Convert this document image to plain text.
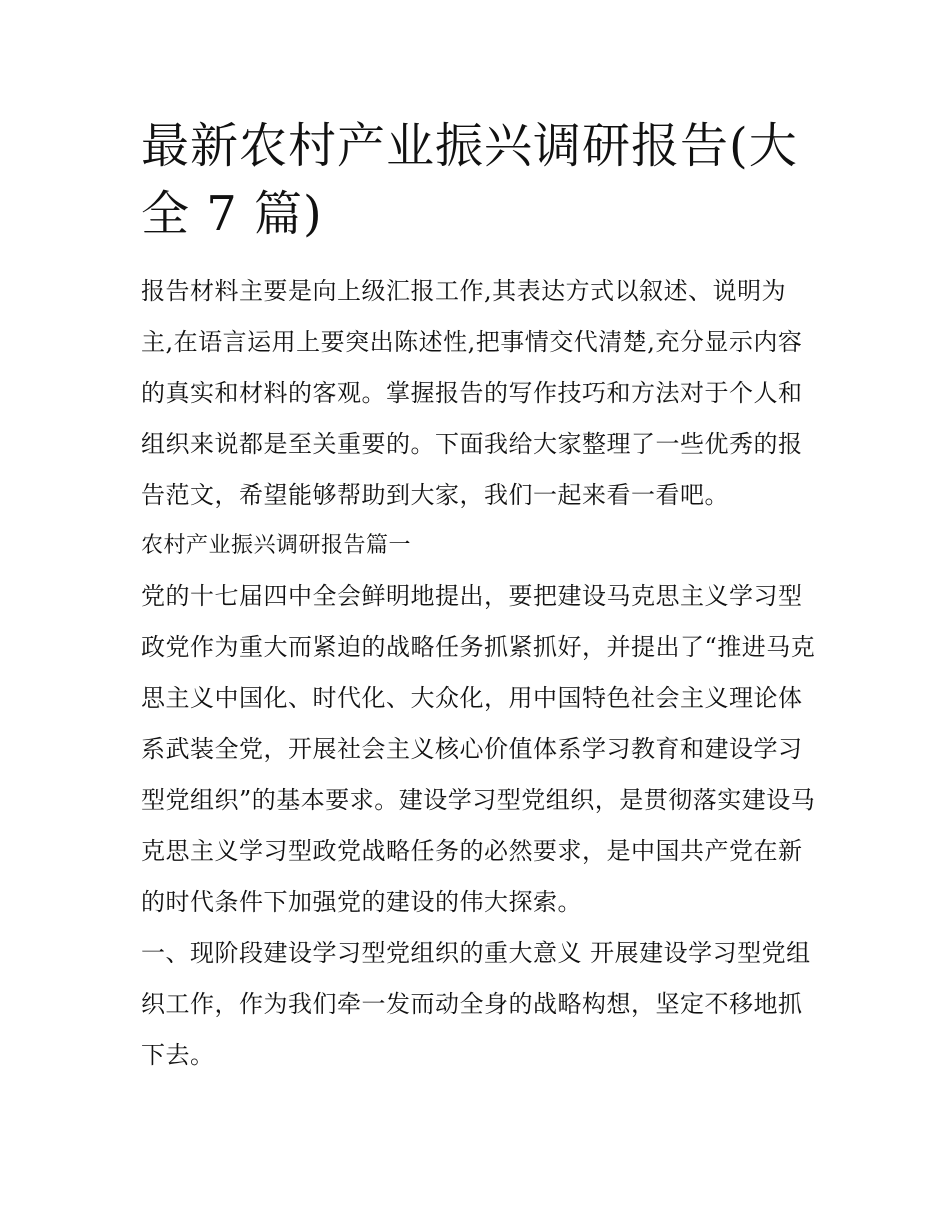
最新农村产业振兴调研报告(大全 7 篇)

报告材料主要是向上级汇报工作,其表达方式以叙述、说明为主,在语言运用上要突出陈述性,把事情交代清楚,充分显示内容的真实和材料的客观。掌握报告的写作技巧和方法对于个人和组织来说都是至关重要的。下面我给大家整理了一些优秀的报告范文，希望能够帮助到大家，我们一起来看一看吧。

农村产业振兴调研报告篇一

党的十七届四中全会鲜明地提出，要把建设马克思主义学习型政党作为重大而紧迫的战略任务抓紧抓好，并提出了“推进马克思主义中国化、时代化、大众化，用中国特色社会主义理论体系武装全党，开展社会主义核心价值体系学习教育和建设学习型党组织”的基本要求。建设学习型党组织，是贯彻落实建设马克思主义学习型政党战略任务的必然要求，是中国共产党在新的时代条件下加强党的建设的伟大探索。

一、现阶段建设学习型党组织的重大意义 开展建设学习型党组织工作，作为我们牵一发而动全身的战略构想，坚定不移地抓下去。
